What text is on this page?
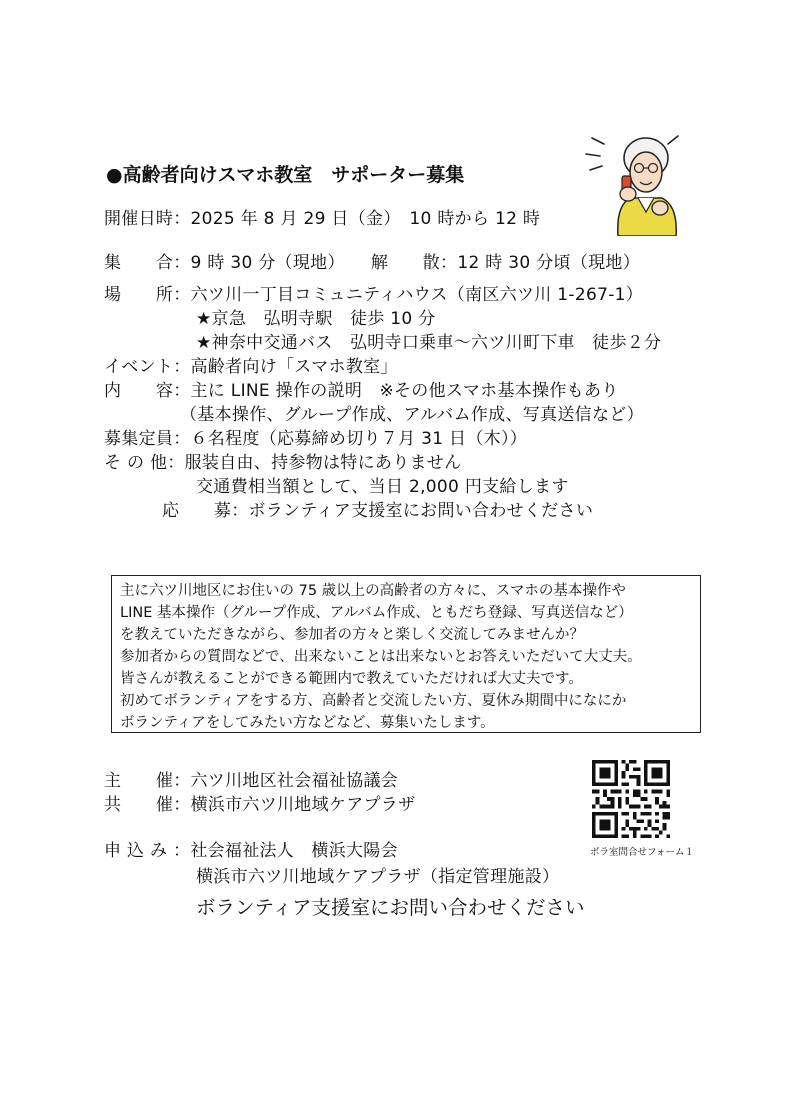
●高齢者向けスマホ教室　サポーター募集
開催日時：2025 年 8 月 29 日（金）　10 時から 12 時
集　　合：9 時 30 分（現地）　　解　　散：12 時 30 分頃（現地）
場　　所：六ツ川一丁目コミュニティハウス（南区六ツ川 1-267-1）
★京急　弘明寺駅　徒歩 10 分
★神奈中交通バス　弘明寺口乗車～六ツ川町下車　徒歩２分
イベント：高齢者向け「スマホ教室」
内　　容：主に LINE 操作の説明　※その他スマホ基本操作もあり
（基本操作、グループ作成、アルバム作成、写真送信など）
募集定員：６名程度（応募締め切り７月 31 日（木））
そ の 他：服装自由、持参物は特にありません
交通費相当額として、当日 2,000 円支給します
応　　募：ボランティア支援室にお問い合わせください
主に六ツ川地区にお住いの 75 歳以上の高齢者の方々に、スマホの基本操作や
LINE 基本操作（グループ作成、アルバム作成、ともだち登録、写真送信など）
を教えていただきながら、参加者の方々と楽しく交流してみませんか？
参加者からの質問などで、出来ないことは出来ないとお答えいただいて大丈夫。
皆さんが教えることができる範囲内で教えていただければ大丈夫です。
初めてボランティアをする方、高齢者と交流したい方、夏休み期間中になにか
ボランティアをしてみたい方などなど、募集いたします。
主　　催：六ツ川地区社会福祉協議会
共　　催：横浜市六ツ川地域ケアプラザ
申 込 み ：社会福祉法人　横浜大陽会
横浜市六ツ川地域ケアプラザ（指定管理施設）
ボランティア支援室にお問い合わせください
ボラ室問合せフォーム１
